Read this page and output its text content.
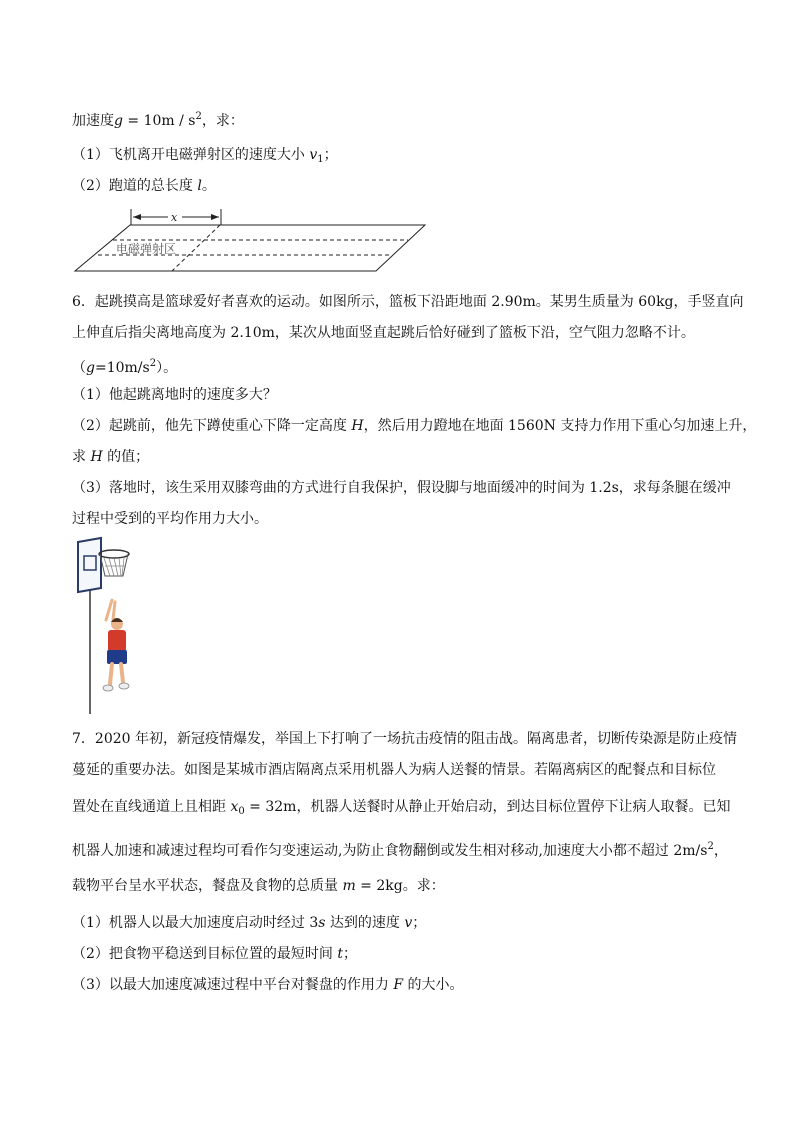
加速度$g = 10m / s^2$，求：
（1）飞机离开电磁弹射区的速度大小 $v_1$；
（2）跑道的总长度 l。
x
电磁弹射区
6．起跳摸高是篮球爱好者喜欢的运动。如图所示，篮板下沿距地面 2.90m。某男生质量为 60kg，手竖直向
上伸直后指尖离地高度为 2.10m，某次从地面竖直起跳后恰好碰到了篮板下沿，空气阻力忽略不计。
$(g=10m/s^2)$。
（1）他起跳离地时的速度多大？
（2）起跳前，他先下蹲使重心下降一定高度 H，然后用力蹬地在地面 1560N 支持力作用下重心匀加速上升，
求 H 的值；
（3）落地时，该生采用双膝弯曲的方式进行自我保护，假设脚与地面缓冲的时间为 1.2s，求每条腿在缓冲
过程中受到的平均作用力大小。
7．2020 年初，新冠疫情爆发，举国上下打响了一场抗击疫情的阻击战。隔离患者，切断传染源是防止疫情
蔓延的重要办法。如图是某城市酒店隔离点采用机器人为病人送餐的情景。若隔离病区的配餐点和目标位
置处在直线通道上且相距 $x_0 = 32m$，机器人送餐时从静止开始启动，到达目标位置停下让病人取餐。已知
机器人加速和减速过程均可看作匀变速运动,为防止食物翻倒或发生相对移动,加速度大小都不超过 $2m/s^2$，
载物平台呈水平状态，餐盘及食物的总质量 m = 2kg。求：
（1）机器人以最大加速度启动时经过 3s 达到的速度 v；
（2）把食物平稳送到目标位置的最短时间 t；
（3）以最大加速度减速过程中平台对餐盘的作用力 F 的大小。
